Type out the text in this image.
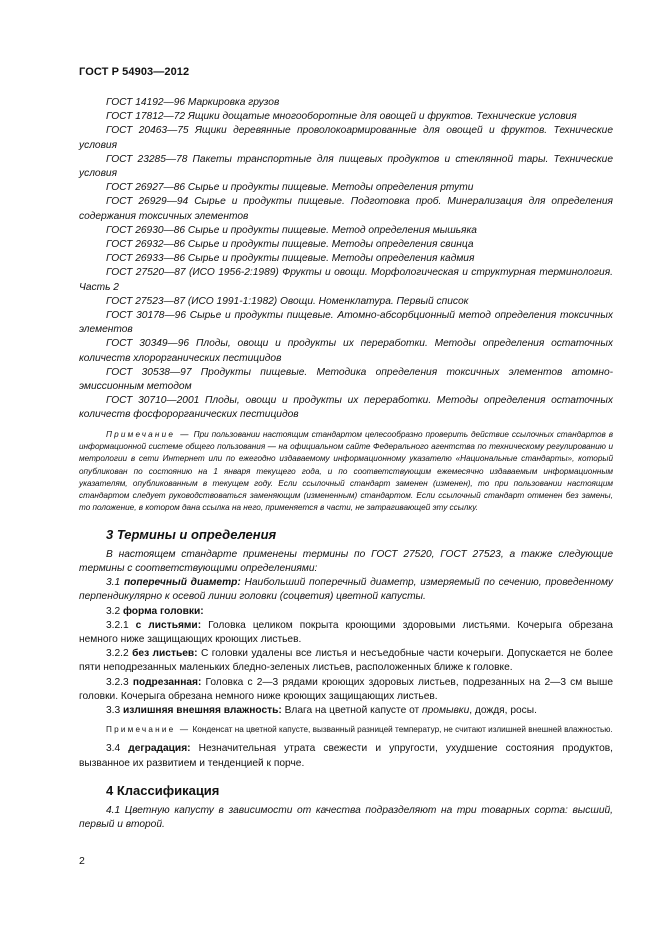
ГОСТ Р 54903—2012

ГОСТ 14192—96 Маркировка грузов

ГОСТ 17812—72 Ящики дощатые многооборотные для овощей и фруктов. Технические условия

ГОСТ 20463—75 Ящики деревянные проволокоармированные для овощей и фруктов. Технические условия

ГОСТ 23285—78 Пакеты транспортные для пищевых продуктов и стеклянной тары. Технические условия

ГОСТ 26927—86 Сырье и продукты пищевые. Методы определения ртути

ГОСТ 26929—94 Сырье и продукты пищевые. Подготовка проб. Минерализация для определения содержания токсичных элементов

ГОСТ 26930—86 Сырье и продукты пищевые. Метод определения мышьяка

ГОСТ 26932—86 Сырье и продукты пищевые. Методы определения свинца

ГОСТ 26933—86 Сырье и продукты пищевые. Методы определения кадмия

ГОСТ 27520—87 (ИСО 1956-2:1989) Фрукты и овощи. Морфологическая и структурная терминология. Часть 2

ГОСТ 27523—87 (ИСО 1991-1:1982) Овощи. Номенклатура. Первый список

ГОСТ 30178—96 Сырье и продукты пищевые. Атомно-абсорбционный метод определения токсичных элементов

ГОСТ 30349—96 Плоды, овощи и продукты их переработки. Методы определения остаточных количеств хлорорганических пестицидов

ГОСТ 30538—97 Продукты пищевые. Методика определения токсичных элементов атомно-эмиссионным методом

ГОСТ 30710—2001 Плоды, овощи и продукты их переработки. Методы определения остаточных количеств фосфорорганических пестицидов

Примечание — При пользовании настоящим стандартом целесообразно проверить действие ссылочных стандартов в информационной системе общего пользования — на официальном сайте Федерального агентства по техническому регулированию и метрологии в сети Интернет или по ежегодно издаваемому информационному указателю «Национальные стандарты», который опубликован по состоянию на 1 января текущего года, и по соответствующим ежемесячно издаваемым информационным указателям, опубликованным в текущем году. Если ссылочный стандарт заменен (изменен), то при пользовании настоящим стандартом следует руководствоваться заменяющим (измененным) стандартом. Если ссылочный стандарт отменен без замены, то положение, в котором дана ссылка на него, применяется в части, не затрагивающей эту ссылку.

3 Термины и определения

В настоящем стандарте применены термины по ГОСТ 27520, ГОСТ 27523, а также следующие термины с соответствующими определениями:

3.1 поперечный диаметр: Наибольший поперечный диаметр, измеряемый по сечению, проведенному перпендикулярно к осевой линии головки (соцветия) цветной капусты.

3.2 форма головки:

3.2.1 с листьями: Головка целиком покрыта кроющими здоровыми листьями. Кочерыга обрезана немного ниже защищающих кроющих листьев.

3.2.2 без листьев: С головки удалены все листья и несъедобные части кочерыги. Допускается не более пяти неподрезанных маленьких бледно-зеленых листьев, расположенных ближе к головке.

3.2.3 подрезанная: Головка с 2—3 рядами кроющих здоровых листьев, подрезанных на 2—3 см выше головки. Кочерыга обрезана немного ниже кроющих защищающих листьев.

3.3 излишняя внешняя влажность: Влага на цветной капусте от промывки, дождя, росы.

Примечание — Конденсат на цветной капусте, вызванный разницей температур, не считают излишней внешней влажностью.

3.4 деградация: Незначительная утрата свежести и упругости, ухудшение состояния продуктов, вызванное их развитием и тенденцией к порче.

4 Классификация

4.1 Цветную капусту в зависимости от качества подразделяют на три товарных сорта: высший, первый и второй.

2
